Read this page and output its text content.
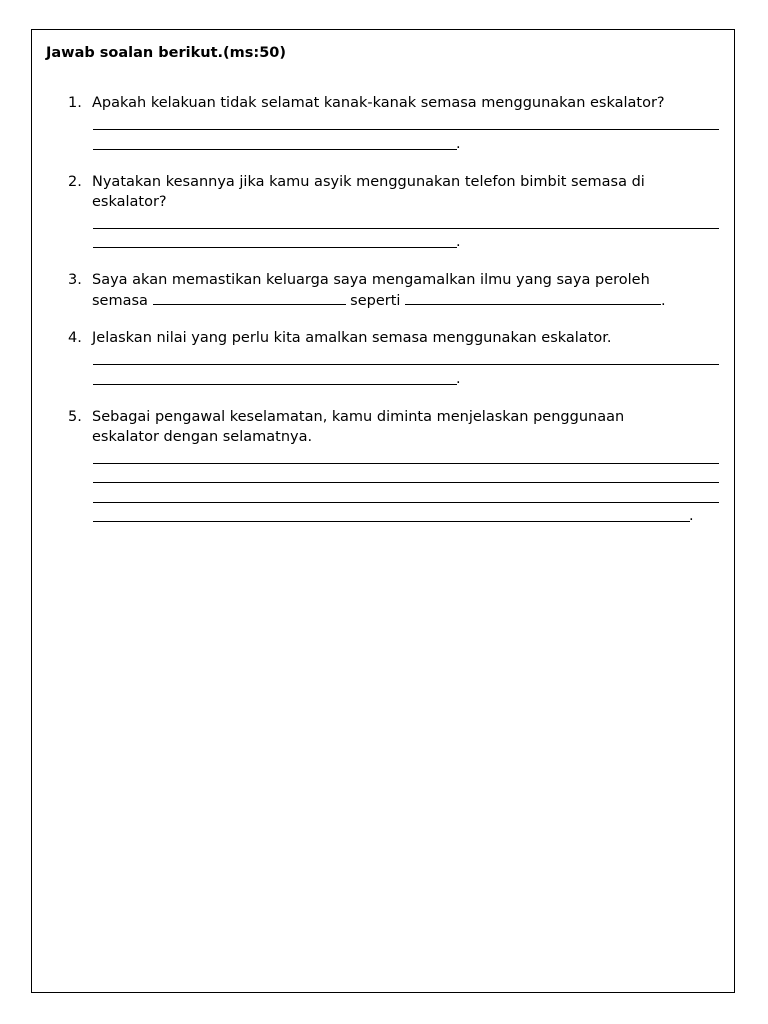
Jawab soalan berikut.(ms:50)
1. Apakah kelakuan tidak selamat kanak-kanak semasa menggunakan eskalator?
.
2. Nyatakan kesannya jika kamu asyik menggunakan telefon bimbit semasa di eskalator?
.
3. Saya akan memastikan keluarga saya mengamalkan ilmu yang saya peroleh
semasa	seperti	.
4. Jelaskan nilai yang perlu kita amalkan semasa menggunakan eskalator.
.
5. Sebagai pengawal keselamatan, kamu diminta menjelaskan penggunaan eskalator dengan selamatnya.
.
